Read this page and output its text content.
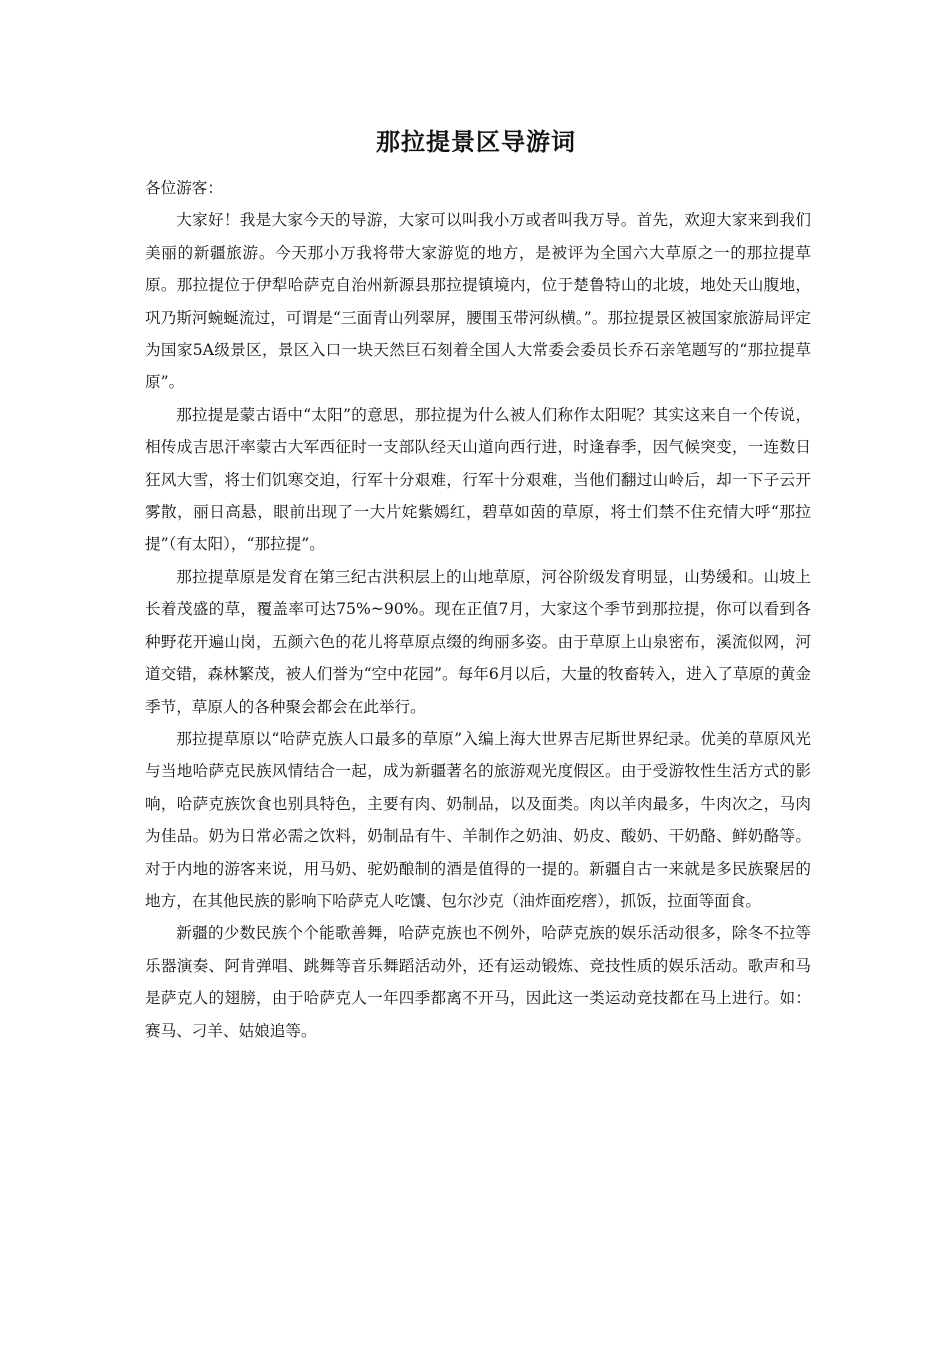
那拉提景区导游词

各位游客：

大家好！我是大家今天的导游，大家可以叫我小万或者叫我万导。首先，欢迎大家来到我们美丽的新疆旅游。今天那小万我将带大家游览的地方，是被评为全国六大草原之一的那拉提草原。那拉提位于伊犁哈萨克自治州新源县那拉提镇境内，位于楚鲁特山的北坡，地处天山腹地，巩乃斯河蜿蜒流过，可谓是“三面青山列翠屏，腰围玉带河纵横。”。那拉提景区被国家旅游局评定为国家5A级景区，景区入口一块天然巨石刻着全国人大常委会委员长乔石亲笔题写的“那拉提草原”。

那拉提是蒙古语中“太阳”的意思，那拉提为什么被人们称作太阳呢？其实这来自一个传说，相传成吉思汗率蒙古大军西征时一支部队经天山道向西行进，时逢春季，因气候突变，一连数日狂风大雪，将士们饥寒交迫，行军十分艰难，行军十分艰难，当他们翻过山岭后，却一下子云开雾散，丽日高悬，眼前出现了一大片姹紫嫣红，碧草如茵的草原，将士们禁不住充情大呼“那拉提”（有太阳），“那拉提”。

那拉提草原是发育在第三纪古洪积层上的山地草原，河谷阶级发育明显，山势缓和。山坡上长着茂盛的草，覆盖率可达75%~90%。现在正值7月，大家这个季节到那拉提，你可以看到各种野花开遍山岗，五颜六色的花儿将草原点缀的绚丽多姿。由于草原上山泉密布，溪流似网，河道交错，森林繁茂，被人们誉为“空中花园”。每年6月以后，大量的牧畜转入，进入了草原的黄金季节，草原人的各种聚会都会在此举行。

那拉提草原以“哈萨克族人口最多的草原”入编上海大世界吉尼斯世界纪录。优美的草原风光与当地哈萨克民族风情结合一起，成为新疆著名的旅游观光度假区。由于受游牧性生活方式的影响，哈萨克族饮食也别具特色，主要有肉、奶制品，以及面类。肉以羊肉最多，牛肉次之，马肉为佳品。奶为日常必需之饮料，奶制品有牛、羊制作之奶油、奶皮、酸奶、干奶酪、鲜奶酪等。对于内地的游客来说，用马奶、驼奶酿制的酒是值得的一提的。新疆自古一来就是多民族聚居的地方，在其他民族的影响下哈萨克人吃馕、包尔沙克（油炸面疙瘩），抓饭，拉面等面食。

新疆的少数民族个个能歌善舞，哈萨克族也不例外，哈萨克族的娱乐活动很多，除冬不拉等乐器演奏、阿肯弹唱、跳舞等音乐舞蹈活动外，还有运动锻炼、竞技性质的娱乐活动。歌声和马是萨克人的翅膀，由于哈萨克人一年四季都离不开马，因此这一类运动竞技都在马上进行。如：赛马、刁羊、姑娘追等。
